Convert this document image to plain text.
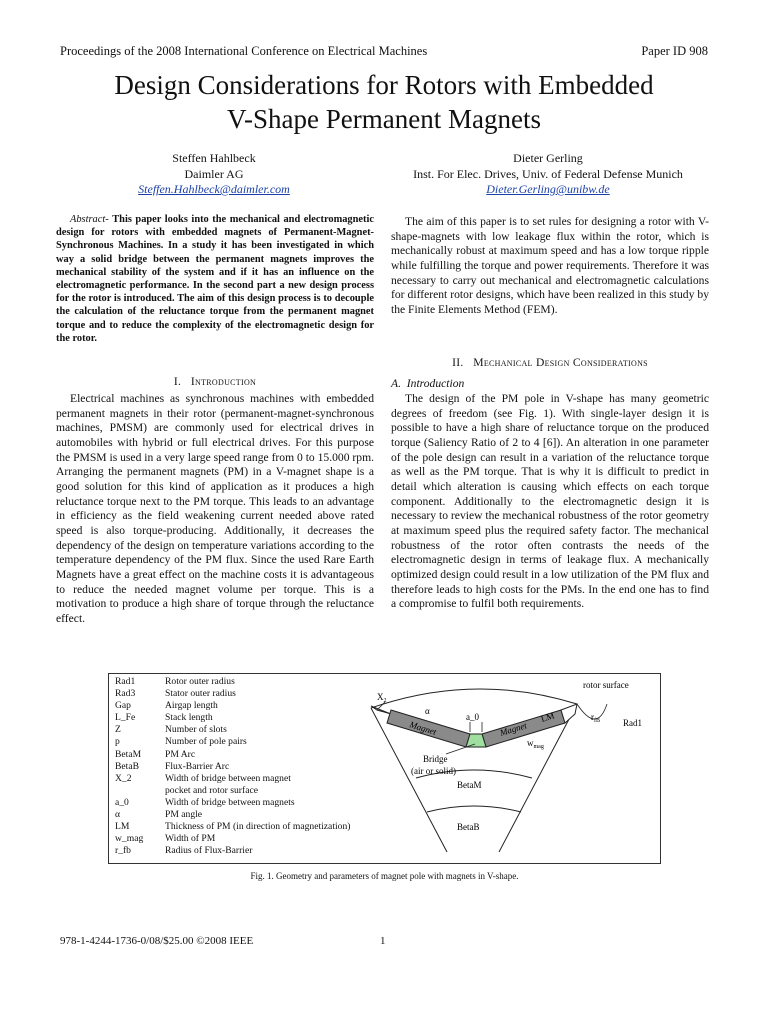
Proceedings of the 2008 International Conference on Electrical Machines	Paper ID 908
Design Considerations for Rotors with Embedded
V-Shape Permanent Magnets
Steffen Hahlbeck
Daimler AG
Steffen.Hahlbeck@daimler.com
Dieter Gerling
Inst. For Elec. Drives, Univ. of Federal Defense Munich
Dieter.Gerling@unibw.de
Abstract- This paper looks into the mechanical and electromagnetic design for rotors with embedded magnets of Permanent-Magnet-Synchronous Machines. In a study it has been investigated in which way a solid bridge between the permanent magnets improves the mechanical stability of the system and if it has an influence on the electromagnetic performance. In the second part a new design process for the rotor is introduced. The aim of this design process is to decouple the calculation of the reluctance torque from the permanent magnet torque and to reduce the complexity of the electromagnetic design for the rotor.
I. Introduction

Electrical machines as synchronous machines with embedded permanent magnets in their rotor (permanent-magnet-synchronous machines, PMSM) are commonly used for electrical drives in automobiles with hybrid or full electrical drives. For this purpose the PMSM is used in a very large speed range from 0 to 15.000 rpm. Arranging the permanent magnets (PM) in a V-magnet shape is a good solution for this kind of application as it produces a high reluctance torque next to the PM torque. This leads to an advantage in efficiency as the field weakening current needed above rated speed is also torque-producing. Additionally, it decreases the dependency of the design on temperature variations according to the temperature dependency of the PM flux. Since the used Rare Earth Magnets have a great effect on the machine costs it is advantageous to reduce the needed magnet volume per torque. This is a motivation to produce a high share of torque through the reluctance effect.

The aim of this paper is to set rules for designing a rotor with V-shape-magnets with low leakage flux within the rotor, which is mechanically robust at maximum speed and has a low torque ripple while fulfilling the torque and power requirements. Therefore it was necessary to carry out mechanical and electromagnetic calculations for different rotor designs, which have been realized in this study by the Finite Elements Method (FEM).

II. Mechanical Design Considerations
A. Introduction

The design of the PM pole in V-shape has many geometric degrees of freedom (see Fig. 1). With single-layer design it is possible to have a high share of reluctance torque on the produced torque (Saliency Ratio of 2 to 4 [6]). An alteration in one parameter of the pole design can result in a variation of the reluctance torque as well as the PM torque. That is why it is difficult to predict in detail which alteration is causing which effects on each torque component. Additionally to the electromagnetic design it is necessary to review the mechanical robustness of the rotor geometry at maximum speed plus the required safety factor. The mechanical robustness of the rotor often contrasts the needs of the electromagnetic design in terms of leakage flux. A mechanically optimized design could result in a low utilization of the PM flux and therefore leads to high costs for the PMs. In the end one has to find a compromise to fulfil both requirements.

Rad1	Rotor outer radius
Rad3	Stator outer radius
Gap	Airgap length
L_Fe	Stack length
Z	Number of slots
p	Number of pole pairs
BetaM	PM Arc
BetaB	Flux-Barrier Arc
X_2	Width of bridge between magnet
pocket and rotor surface
a_0	Width of bridge between magnets
α	PM angle
LM	Thickness of PM (in direction of magnetization)
w_mag	Width of PM
r_fb	Radius of Flux-Barrier
rotor surface
Rad1
$X_2$
α
a_0
Magnet	Magnet
LM	$r_{fB}$
$w_{mag}$
Bridge
(air or solid)
BetaM
BetaB
Fig. 1. Geometry and parameters of magnet pole with magnets in V-shape.
978-1-4244-1736-0/08/$25.00 ©2008 IEEE	1
